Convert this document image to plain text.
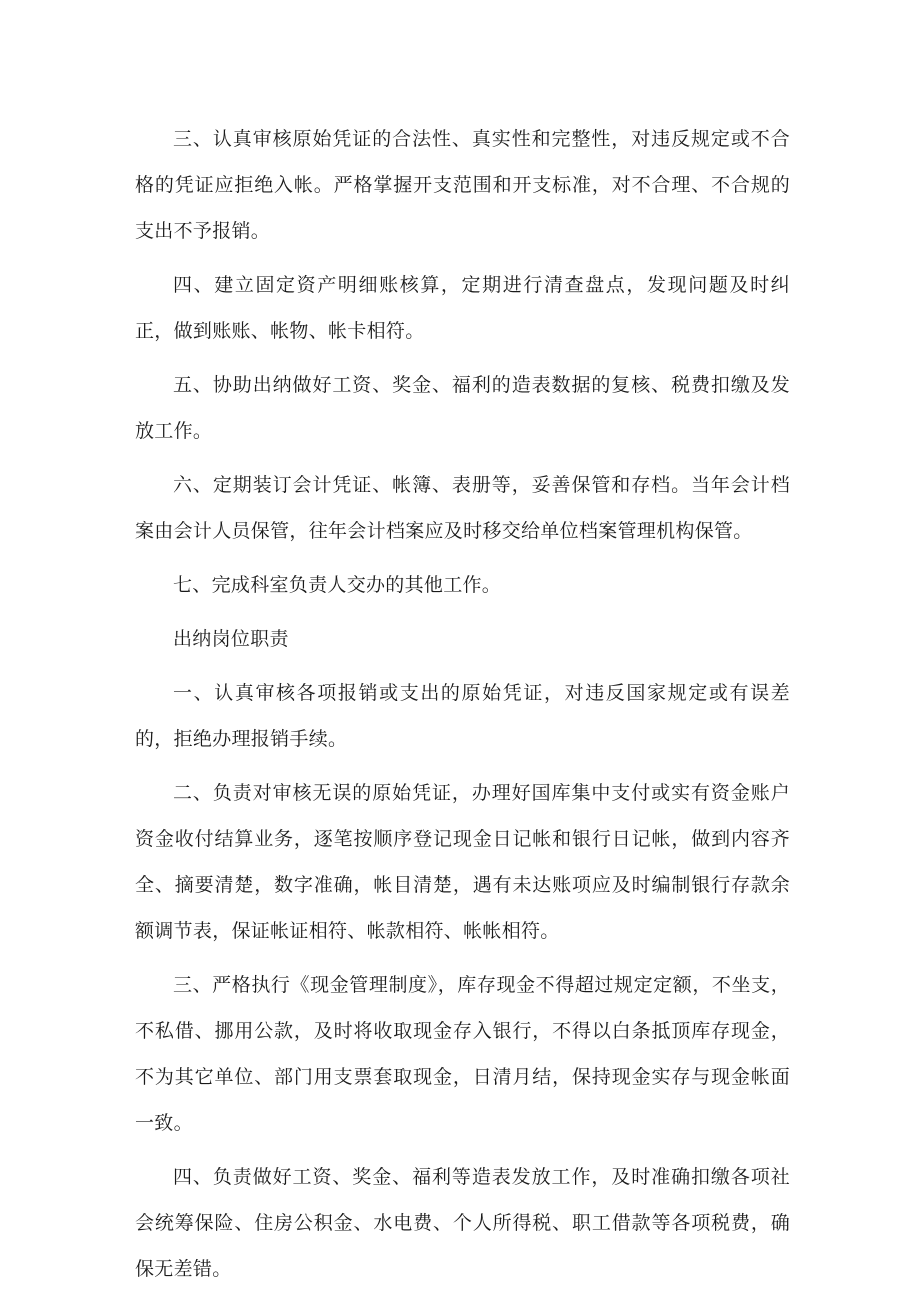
三、认真审核原始凭证的合法性、真实性和完整性，对违反规定或不合格的凭证应拒绝入帐。严格掌握开支范围和开支标准，对不合理、不合规的支出不予报销。

四、建立固定资产明细账核算，定期进行清查盘点，发现问题及时纠正，做到账账、帐物、帐卡相符。

五、协助出纳做好工资、奖金、福利的造表数据的复核、税费扣缴及发放工作。

六、定期装订会计凭证、帐簿、表册等，妥善保管和存档。当年会计档案由会计人员保管，往年会计档案应及时移交给单位档案管理机构保管。

七、完成科室负责人交办的其他工作。

出纳岗位职责

一、认真审核各项报销或支出的原始凭证，对违反国家规定或有误差的，拒绝办理报销手续。

二、负责对审核无误的原始凭证，办理好国库集中支付或实有资金账户资金收付结算业务，逐笔按顺序登记现金日记帐和银行日记帐，做到内容齐全、摘要清楚，数字准确，帐目清楚，遇有未达账项应及时编制银行存款余额调节表，保证帐证相符、帐款相符、帐帐相符。

三、严格执行《现金管理制度》，库存现金不得超过规定定额，不坐支，不私借、挪用公款，及时将收取现金存入银行，不得以白条抵顶库存现金，不为其它单位、部门用支票套取现金，日清月结，保持现金实存与现金帐面一致。

四、负责做好工资、奖金、福利等造表发放工作，及时准确扣缴各项社会统筹保险、住房公积金、水电费、个人所得税、职工借款等各项税费，确保无差错。
